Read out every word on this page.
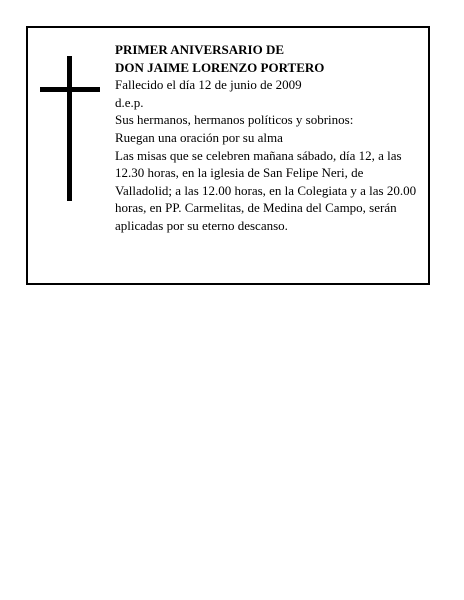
PRIMER ANIVERSARIO DE
DON JAIME LORENZO PORTERO
Fallecido el día 12 de junio de 2009
d.e.p.
Sus hermanos, hermanos políticos y sobrinos:
Ruegan una oración por su alma
Las misas que se celebren mañana sábado, día 12, a las 12.30 horas, en la iglesia de San Felipe Neri, de Valladolid; a las 12.00 horas, en la Colegiata y a las 20.00 horas, en PP. Carmelitas, de Medina del Campo, serán aplicadas por su eterno descanso.
